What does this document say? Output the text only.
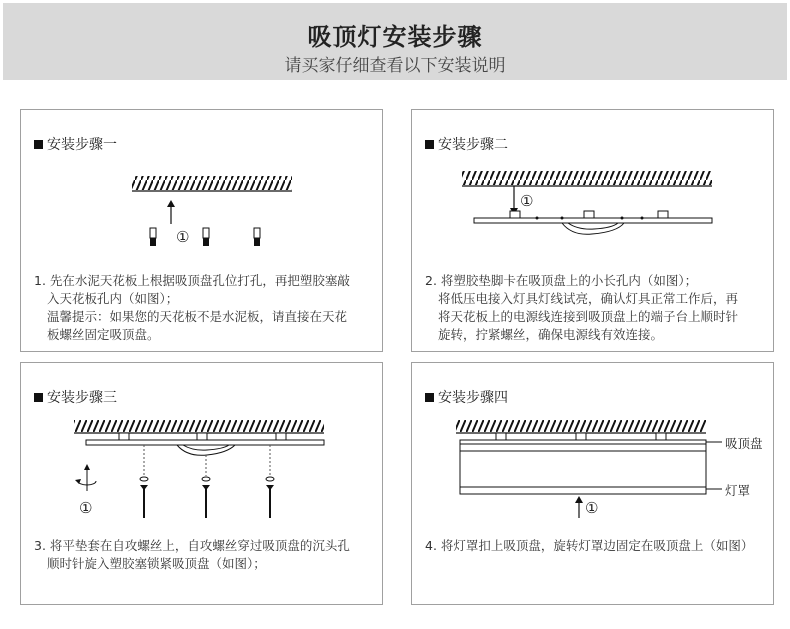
吸顶灯安装步骤
请买家仔细查看以下安装说明
安装步骤一
①

1. 先在水泥天花板上根据吸顶盘孔位打孔，再把塑胶塞敲

入天花板孔内（如图）；

温馨提示：如果您的天花板不是水泥板，请直接在天花

板螺丝固定吸顶盘。

安装步骤二
①

2. 将塑胶垫脚卡在吸顶盘上的小长孔内（如图）；

将低压电接入灯具灯线试亮，确认灯具正常工作后，再

将天花板上的电源线连接到吸顶盘上的端子台上顺时针

旋转，拧紧螺丝，确保电源线有效连接。

安装步骤三
①

3. 将平垫套在自攻螺丝上，自攻螺丝穿过吸顶盘的沉头孔

顺时针旋入塑胶塞锁紧吸顶盘（如图）；

安装步骤四
吸顶盘
灯罩
①

4. 将灯罩扣上吸顶盘，旋转灯罩边固定在吸顶盘上（如图）
